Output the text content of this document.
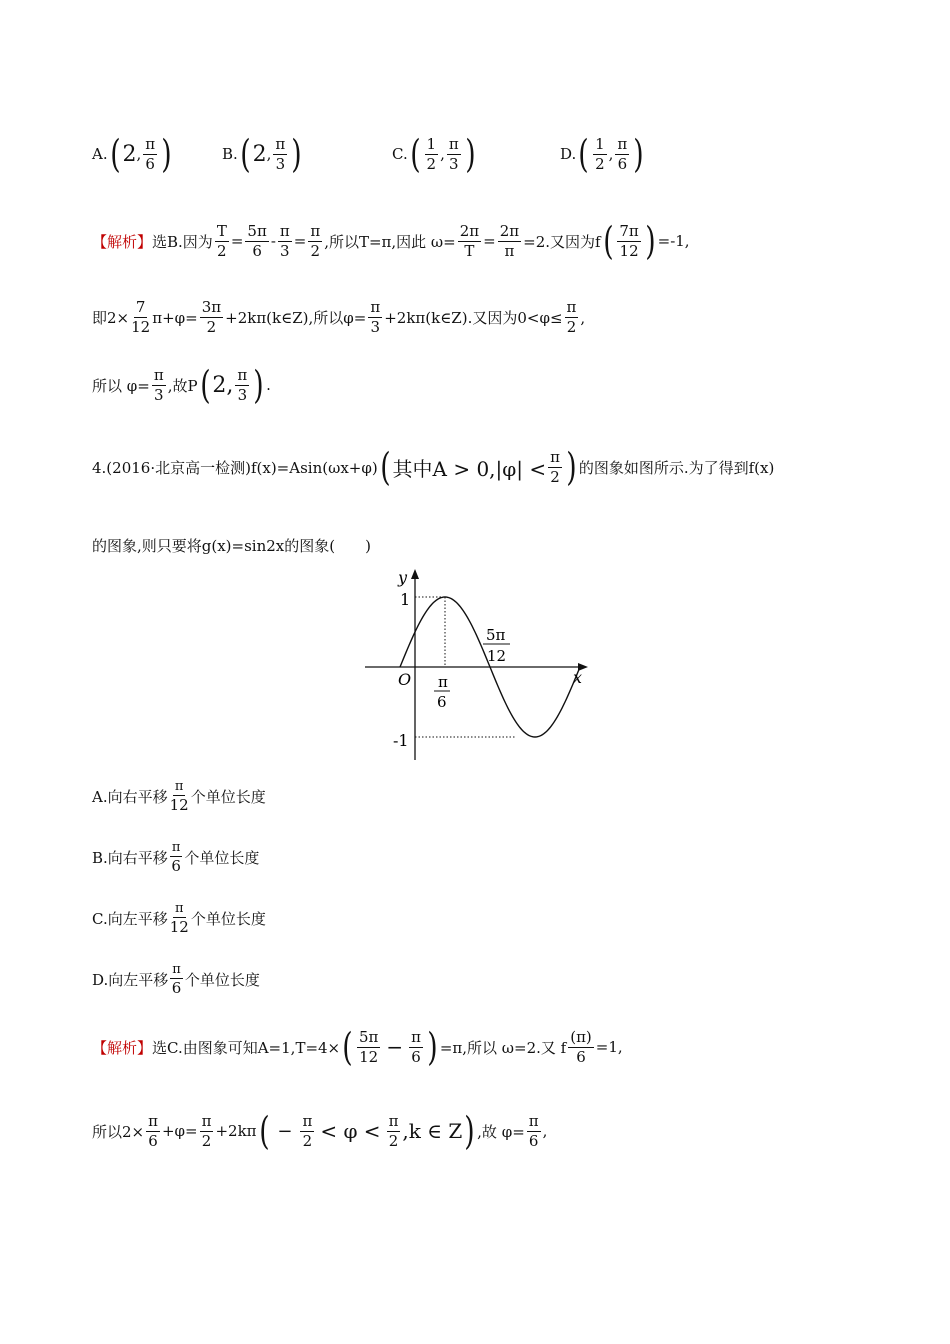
A. ( 2 , $\frac{\pi}{6}$ )	B. ( 2 , $\frac{\pi}{3}$ )	C. ( $\frac{1}{2}$ , $\frac{\pi}{3}$ )	D. ( $\frac{1}{2}$ , $\frac{\pi}{6}$ )
【解析】 选B.因为 $\frac{T}{2} = \frac{5\pi}{6} - \frac{\pi}{3} = \frac{\pi}{2}$ ,所以T=π,因此 $\omega= \frac{2\pi}{T} = \frac{2\pi}{\pi} =2$.又因为f ( $\frac{7\pi}{12}$ ) =-1,
即$2\times \frac{7}{12} \pi+\varphi= \frac{3\pi}{2}$ +2kπ(k∈Z),所以$\varphi= \frac{\pi}{3}$ +2kπ(k∈Z).又因为$0<\varphi\le \frac{\pi}{2}$ ,
所以 $\varphi= \frac{\pi}{3}$ ,故P ( 2, $\frac{\pi}{3}$ ) .
4.(2016·北京高一检测)f(x)=Asin(ωx+φ) ( 其中$A > 0,|\varphi| < \frac{\pi}{2}$ ) 的图象如图所示.为了得到f(x)
的图象,则只要将g(x)=sin2x的图象(　　)
y
x
O
1
-1
π
6
5π
12
A. 向右平移 $\frac{\pi}{12}$ 个单位长度
B. 向右平移 $\frac{\pi}{6}$ 个单位长度
C. 向左平移 $\frac{\pi}{12}$ 个单位长度
D. 向左平移 $\frac{\pi}{6}$ 个单位长度
【解析】 选C.由图象可知A=1,T=4× ( $\frac{5\pi}{12} - \frac{\pi}{6}$ ) =π,所以 ω=2.又 f $\frac{(\pi)}{6} =1$,
所以$2\times \frac{\pi}{6} +\varphi= \frac{\pi}{2} +2k\pi$ ( − $\frac{\pi}{2} < \varphi < \frac{\pi}{2} ,k$ ∈ Z ) ,故 $\varphi= \frac{\pi}{6}$ ,
